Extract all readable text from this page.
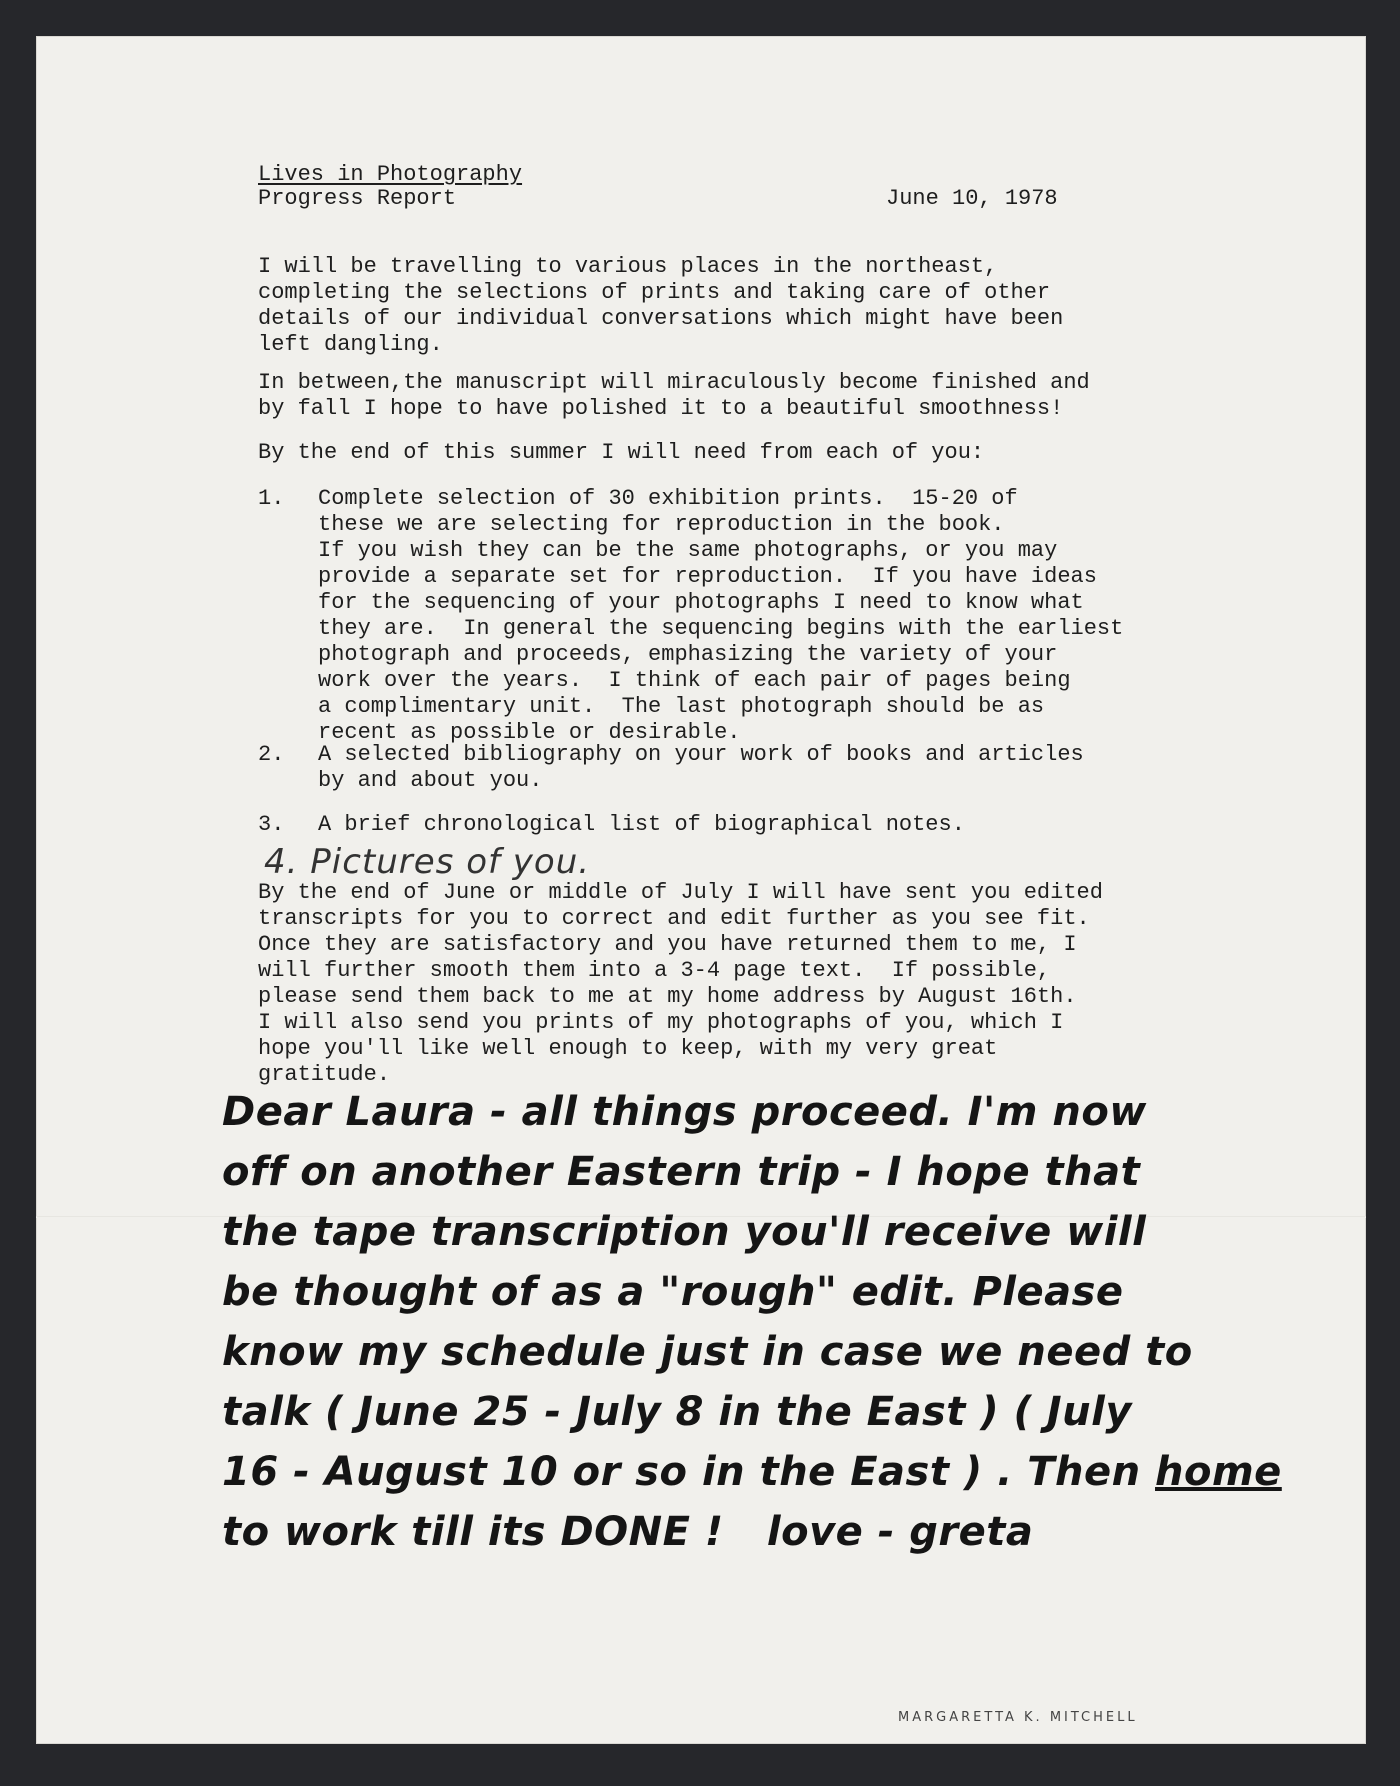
Lives in Photography
Progress Report	June 10, 1978
I will be travelling to various places in the northeast,
completing the selections of prints and taking care of other
details of our individual conversations which might have been
left dangling.
In between,the manuscript will miraculously become finished and
by fall I hope to have polished it to a beautiful smoothness!
By the end of this summer I will need from each of you:
1.	Complete selection of 30 exhibition prints.  15-20 of
these we are selecting for reproduction in the book.
If you wish they can be the same photographs, or you may
provide a separate set for reproduction.  If you have ideas
for the sequencing of your photographs I need to know what
they are.  In general the sequencing begins with the earliest
photograph and proceeds, emphasizing the variety of your
work over the years.  I think of each pair of pages being
a complimentary unit.  The last photograph should be as
recent as possible or desirable.
2.	A selected bibliography on your work of books and articles
by and about you.
3.	A brief chronological list of biographical notes.
4. Pictures of you.
By the end of June or middle of July I will have sent you edited
transcripts for you to correct and edit further as you see fit.
Once they are satisfactory and you have returned them to me, I
will further smooth them into a 3-4 page text.  If possible,
please send them back to me at my home address by August 16th.
I will also send you prints of my photographs of you, which I
hope you'll like well enough to keep, with my very great
gratitude.
Dear Laura - all things proceed. I'm now
off on another Eastern trip - I hope that
the tape transcription you'll receive will
be thought of as a "rough" edit. Please
know my schedule just in case we need to
talk ( June 25 - July 8 in the East ) ( July
16 - August 10 or so in the East ) . Then home
to work till its DONE !   love - greta
MARGARETTA K. MITCHELL
